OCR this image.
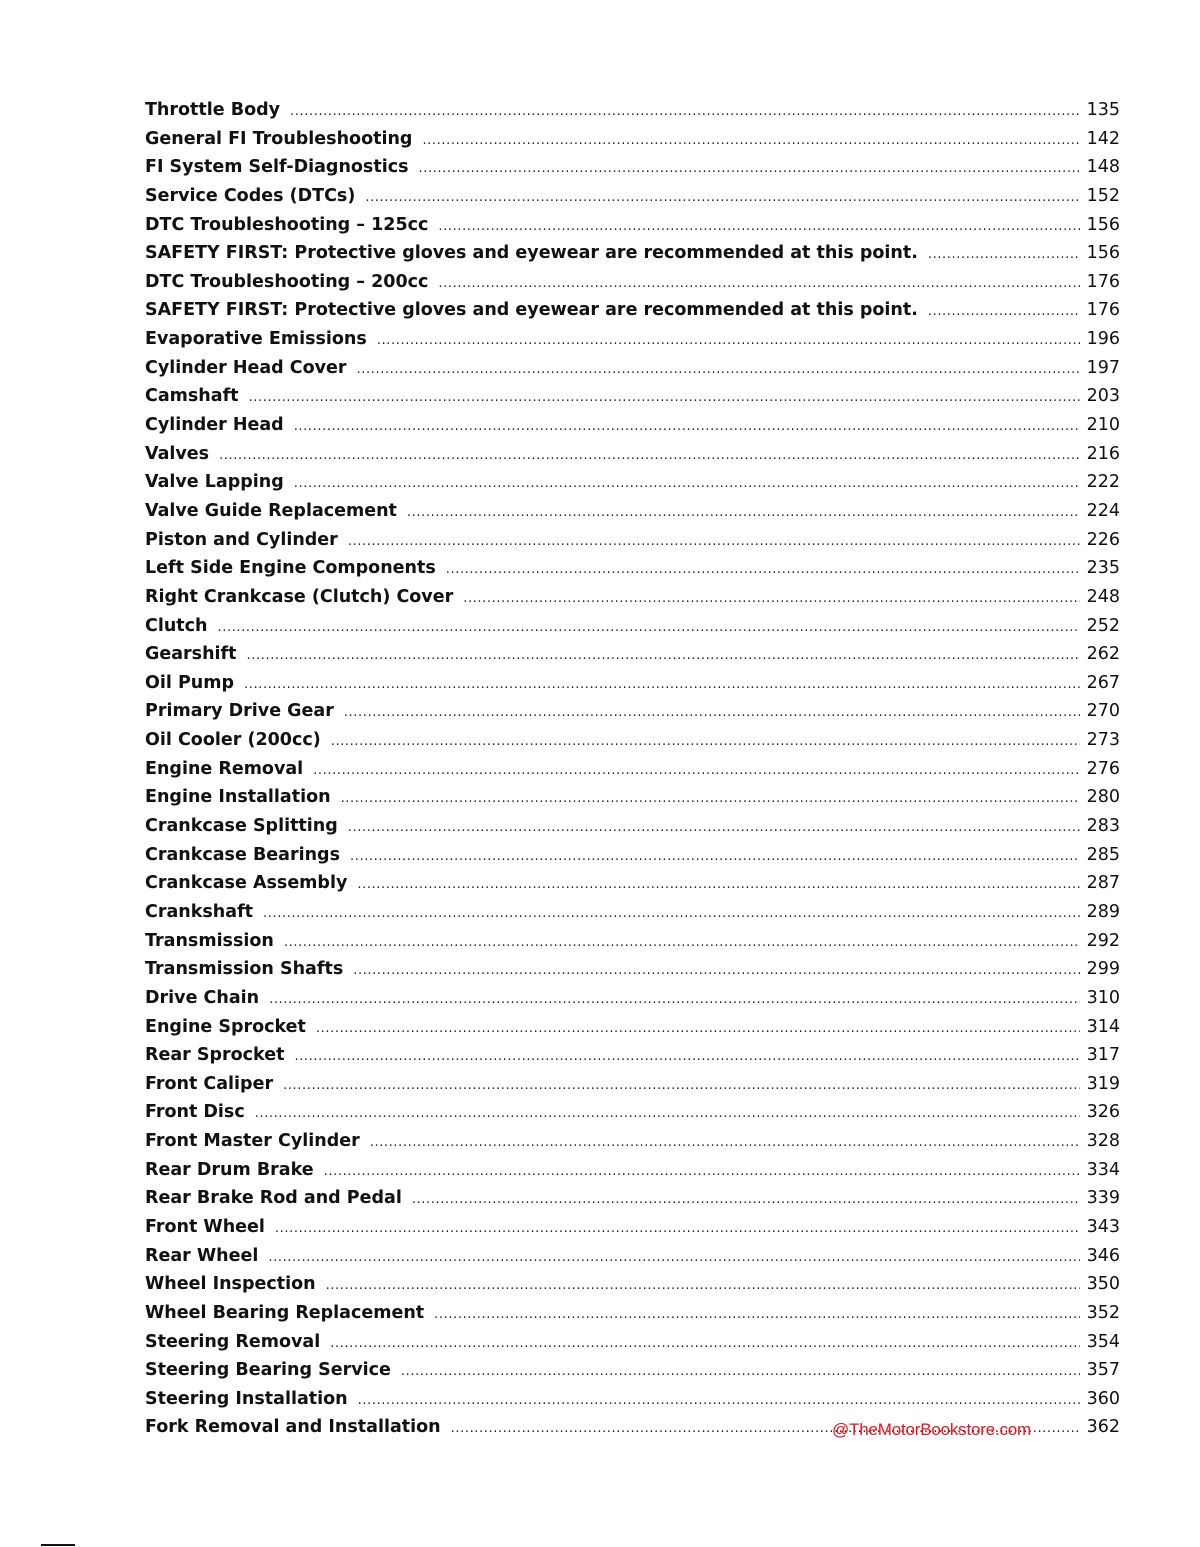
Throttle Body .....	135
General FI Troubleshooting .....	142
FI System Self-Diagnostics .....	148
Service Codes (DTCs) .....	152
DTC Troubleshooting – 125cc .....	156
SAFETY FIRST: Protective gloves and eyewear are recommended at this point. .....	156
DTC Troubleshooting – 200cc .....	176
SAFETY FIRST: Protective gloves and eyewear are recommended at this point. .....	176
Evaporative Emissions .....	196
Cylinder Head Cover .....	197
Camshaft .....	203
Cylinder Head .....	210
Valves .....	216
Valve Lapping .....	222
Valve Guide Replacement .....	224
Piston and Cylinder .....	226
Left Side Engine Components .....	235
Right Crankcase (Clutch) Cover .....	248
Clutch .....	252
Gearshift .....	262
Oil Pump .....	267
Primary Drive Gear .....	270
Oil Cooler (200cc) .....	273
Engine Removal .....	276
Engine Installation .....	280
Crankcase Splitting .....	283
Crankcase Bearings .....	285
Crankcase Assembly .....	287
Crankshaft .....	289
Transmission .....	292
Transmission Shafts .....	299
Drive Chain .....	310
Engine Sprocket .....	314
Rear Sprocket .....	317
Front Caliper .....	319
Front Disc .....	326
Front Master Cylinder .....	328
Rear Drum Brake .....	334
Rear Brake Rod and Pedal .....	339
Front Wheel .....	343
Rear Wheel .....	346
Wheel Inspection .....	350
Wheel Bearing Replacement .....	352
Steering Removal .....	354
Steering Bearing Service .....	357
Steering Installation .....	360
Fork Removal and Installation .....	362
@TheMotorBookstore.com
